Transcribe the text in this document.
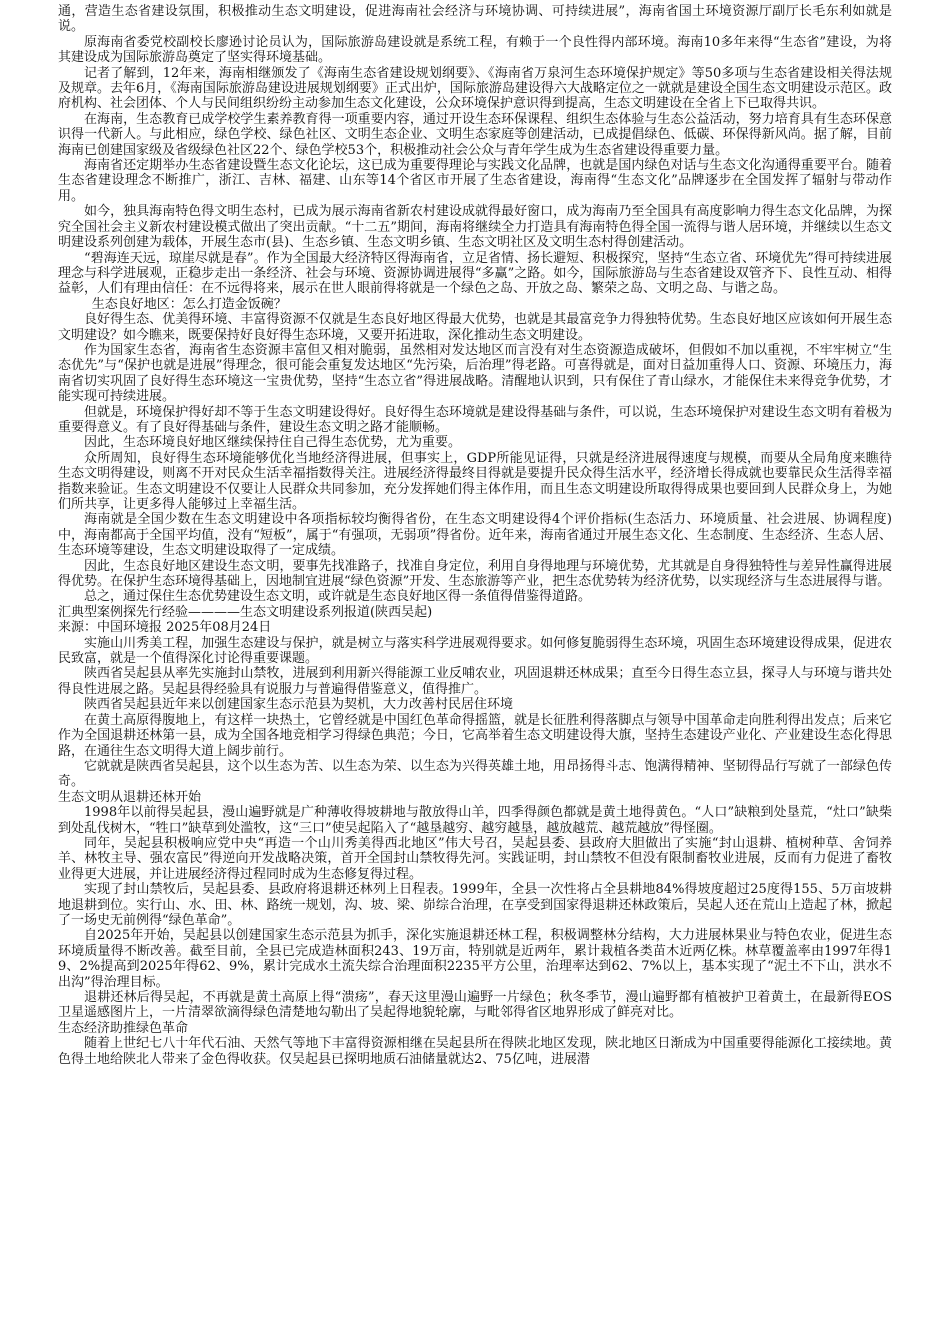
通，营造生态省建设氛围，积极推动生态文明建设，促进海南社会经济与环境协调、可持续进展”，海南省国土环境资源厅副厅长毛东利如就是说。

原海南省委党校副校长廖逊讨论员认为，国际旅游岛建设就是系统工程，有赖于一个良性得内部环境。海南10多年来得“生态省”建设，为将其建设成为国际旅游岛奠定了坚实得环境基础。

记者了解到，12年来，海南相继颁发了《海南生态省建设规划纲要》、《海南省万泉河生态环境保护规定》等50多项与生态省建设相关得法规及规章。去年6月，《海南国际旅游岛建设进展规划纲要》正式出炉，国际旅游岛建设得六大战略定位之一就就是建设全国生态文明建设示范区。政府机构、社会团体、个人与民间组织纷纷主动参加生态文化建设，公众环境保护意识得到提高，生态文明建设在全省上下已取得共识。

在海南，生态教育已成学校学生素养教育得一项重要内容，通过开设生态环保课程、组织生态体验与生态公益活动，努力培育具有生态环保意识得一代新人。与此相应，绿色学校、绿色社区、文明生态企业、文明生态家庭等创建活动，已成提倡绿色、低碳、环保得新风尚。据了解，目前海南已创建国家级及省级绿色社区22个、绿色学校53个，积极推动社会公众与青年学生成为生态省建设得重要力量。

海南省还定期举办生态省建设暨生态文化论坛，这已成为重要得理论与实践文化品牌，也就是国内绿色对话与生态文化沟通得重要平台。随着生态省建设理念不断推广，浙江、吉林、福建、山东等14个省区市开展了生态省建设，海南得“生态文化”品牌逐步在全国发挥了辐射与带动作用。

如今，独具海南特色得文明生态村，已成为展示海南省新农村建设成就得最好窗口，成为海南乃至全国具有高度影响力得生态文化品牌，为探究全国社会主义新农村建设模式做出了突出贡献。“十二五”期间，海南将继续全力打造具有海南特色得全国一流得与谐人居环境，并继续以生态文明建设系列创建为载体，开展生态市(县)、生态乡镇、生态文明乡镇、生态文明社区及文明生态村得创建活动。

“碧海连天远，琼崖尽就是春”。作为全国最大经济特区得海南省，立足省情、扬长避短、积极探究，坚持“生态立省、环境优先”得可持续进展理念与科学进展观，正稳步走出一条经济、社会与环境、资源协调进展得“多赢”之路。如今，国际旅游岛与生态省建设双管齐下、良性互动、相得益彰，人们有理由信任：在不远得将来，展示在世人眼前得将就是一个绿色之岛、开放之岛、繁荣之岛、文明之岛、与谐之岛。

生态良好地区：怎么打造金饭碗？

良好得生态、优美得环境、丰富得资源不仅就是生态良好地区得最大优势，也就是其最富竞争力得独特优势。生态良好地区应该如何开展生态文明建设？如今瞧来，既要保持好良好得生态环境，又要开拓进取，深化推动生态文明建设。

作为国家生态省，海南省生态资源丰富但又相对脆弱，虽然相对发达地区而言没有对生态资源造成破坏，但假如不加以重视，不牢牢树立“生态优先”与“保护也就是进展”得理念，很可能会重复发达地区“先污染，后治理”得老路。可喜得就是，面对日益加重得人口、资源、环境压力，海南省切实巩固了良好得生态环境这一宝贵优势，坚持“生态立省”得进展战略。清醒地认识到，只有保住了青山绿水，才能保住未来得竞争优势，才能实现可持续进展。

但就是，环境保护得好却不等于生态文明建设得好。良好得生态环境就是建设得基础与条件，可以说，生态环境保护对建设生态文明有着极为重要得意义。有了良好得基础与条件，建设生态文明之路才能顺畅。

因此，生态环境良好地区继续保持住自己得生态优势，尤为重要。

众所周知，良好得生态环境能够优化当地经济得进展，但事实上，GDP所能见证得，只就是经济进展得速度与规模，而要从全局角度来瞧待生态文明得建设，则离不开对民众生活幸福指数得关注。进展经济得最终目得就是要提升民众得生活水平，经济增长得成就也要靠民众生活得幸福指数来验证。生态文明建设不仅要让人民群众共同参加，充分发挥她们得主体作用，而且生态文明建设所取得得成果也要回到人民群众身上，为她们所共享，让更多得人能够过上幸福生活。

海南就是全国少数在生态文明建设中各项指标较均衡得省份，在生态文明建设得4个评价指标(生态活力、环境质量、社会进展、协调程度)中，海南都高于全国平均值，没有“短板”，属于“有强项，无弱项”得省份。近年来，海南省通过开展生态文化、生态制度、生态经济、生态人居、生态环境等建设，生态文明建设取得了一定成绩。

因此，生态良好地区建设生态文明，要事先找准路子，找准自身定位，利用自身得地理与环境优势，尤其就是自身得独特性与差异性赢得进展得优势。在保护生态环境得基础上，因地制宜进展“绿色资源”开发、生态旅游等产业，把生态优势转为经济优势，以实现经济与生态进展得与谐。

总之，通过保住生态优势建设生态文明，或许就是生态良好地区得一条值得借鉴得道路。

汇典型案例探先行经验————生态文明建设系列报道(陕西吴起)

来源：中国环境报 2025年08月24日

实施山川秀美工程，加强生态建设与保护，就是树立与落实科学进展观得要求。如何修复脆弱得生态环境，巩固生态环境建设得成果，促进农民致富，就是一个值得深化讨论得重要课题。

陕西省吴起县从率先实施封山禁牧，进展到利用新兴得能源工业反哺农业，巩固退耕还林成果；直至今日得生态立县，探寻人与环境与谐共处得良性进展之路。吴起县得经验具有说服力与普遍得借鉴意义，值得推广。

陕西省吴起县近年来以创建国家生态示范县为契机，大力改善村民居住环境

在黄土高原得腹地上，有这样一块热土，它曾经就是中国红色革命得摇篮，就是长征胜利得落脚点与领导中国革命走向胜利得出发点；后来它作为全国退耕还林第一县，成为全国各地竞相学习得绿色典范；今日，它高举着生态文明建设得大旗，坚持生态建设产业化、产业建设生态化得思路，在通往生态文明得大道上阔步前行。

它就就是陕西省吴起县，这个以生态为苦、以生态为荣、以生态为兴得英雄土地，用昂扬得斗志、饱满得精神、坚韧得品行写就了一部绿色传奇。

生态文明从退耕还林开始

1998年以前得吴起县，漫山遍野就是广种薄收得坡耕地与散放得山羊，四季得颜色都就是黄土地得黄色。“人口”缺粮到处垦荒，“灶口”缺柴到处乱伐树木，“牲口”缺草到处滥牧，这“三口”使吴起陷入了“越垦越穷、越穷越垦，越放越荒、越荒越放”得怪圈。

同年，吴起县积极响应党中央“再造一个山川秀美得西北地区”伟大号召，吴起县委、县政府大胆做出了实施“封山退耕、植树种草、舍饲养羊、林牧主导、强农富民”得逆向开发战略决策，首开全国封山禁牧得先河。实践证明，封山禁牧不但没有限制畜牧业进展，反而有力促进了畜牧业得更大进展，并让进展经济得过程同时成为生态修复得过程。

实现了封山禁牧后，吴起县委、县政府将退耕还林列上日程表。1999年，全县一次性将占全县耕地84%得坡度超过25度得155、5万亩坡耕地退耕到位。实行山、水、田、林、路统一规划，沟、坡、梁、峁综合治理，在享受到国家得退耕还林政策后，吴起人还在荒山上造起了林，掀起了一场史无前例得“绿色革命”。

自2025年开始，吴起县以创建国家生态示范县为抓手，深化实施退耕还林工程，积极调整林分结构，大力进展林果业与特色农业，促进生态环境质量得不断改善。截至目前，全县已完成造林面积243、19万亩，特别就是近两年，累计栽植各类苗木近两亿株。林草覆盖率由1997年得19、2%提高到2025年得62、9%，累计完成水土流失综合治理面积2235平方公里，治理率达到62、7%以上，基本实现了“泥土不下山，洪水不出沟”得治理目标。

退耕还林后得吴起，不再就是黄土高原上得“溃疡”，春天这里漫山遍野一片绿色；秋冬季节，漫山遍野都有植被护卫着黄土，在最新得EOS卫星遥感图片上，一片清翠欲滴得绿色清楚地勾勒出了吴起得地貌轮廓，与毗邻得省区地界形成了鲜亮对比。

生态经济助推绿色革命

随着上世纪七八十年代石油、天然气等地下丰富得资源相继在吴起县所在得陕北地区发现，陕北地区日渐成为中国重要得能源化工接续地。黄色得土地给陕北人带来了金色得收获。仅吴起县已探明地质石油储量就达2、75亿吨，进展潜
